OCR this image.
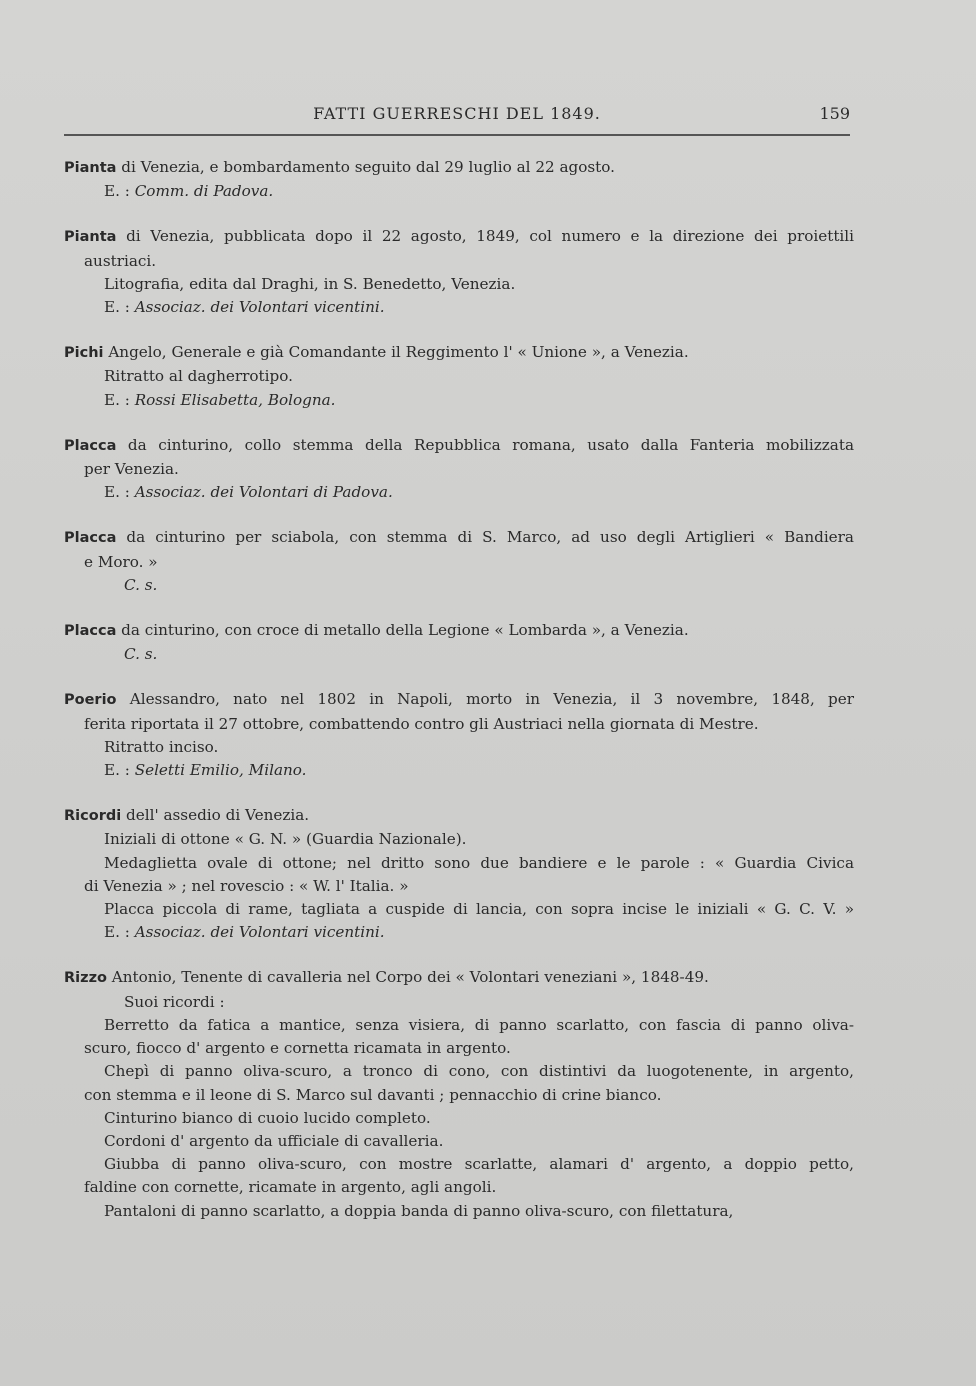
FATTI GUERRESCHI DEL 1849.	159
Pianta di Venezia, e bombardamento seguito dal 29 luglio al 22 agosto.
E. : Comm. di Padova.
Pianta di Venezia, pubblicata dopo il 22 agosto, 1849, col numero e la direzione dei proiettili
austriaci.
Litografia, edita dal Draghi, in S. Benedetto, Venezia.
E. : Associaz. dei Volontari vicentini.
Pichi Angelo, Generale e già Comandante il Reggimento l' « Unione », a Venezia.
Ritratto al dagherrotipo.
E. : Rossi Elisabetta, Bologna.
Placca da cinturino, collo stemma della Repubblica romana, usato dalla Fanteria mobilizzata
per Venezia.
E. : Associaz. dei Volontari di Padova.
Placca da cinturino per sciabola, con stemma di S. Marco, ad uso degli Artiglieri « Bandiera
e Moro. »
C. s.
Placca da cinturino, con croce di metallo della Legione « Lombarda », a Venezia.
C. s.
Poerio Alessandro, nato nel 1802 in Napoli, morto in Venezia, il 3 novembre, 1848, per
ferita riportata il 27 ottobre, combattendo contro gli Austriaci nella giornata di Mestre.
Ritratto inciso.
E. : Seletti Emilio, Milano.
Ricordi dell' assedio di Venezia.
Iniziali di ottone « G. N. » (Guardia Nazionale).
Medaglietta ovale di ottone; nel dritto sono due bandiere e le parole : « Guardia Civica
di Venezia » ; nel rovescio : « W. l' Italia. »
Placca piccola di rame, tagliata a cuspide di lancia, con sopra incise le iniziali « G. C. V. »
E. : Associaz. dei Volontari vicentini.
Rizzo Antonio, Tenente di cavalleria nel Corpo dei « Volontari veneziani », 1848-49.
Suoi ricordi :
Berretto da fatica a mantice, senza visiera, di panno scarlatto, con fascia di panno oliva-
scuro, fiocco d' argento e cornetta ricamata in argento.
Chepì di panno oliva-scuro, a tronco di cono, con distintivi da luogotenente, in argento,
con stemma e il leone di S. Marco sul davanti ; pennacchio di crine bianco.
Cinturino bianco di cuoio lucido completo.
Cordoni d' argento da ufficiale di cavalleria.
Giubba di panno oliva-scuro, con mostre scarlatte, alamari d' argento, a doppio petto,
faldine con cornette, ricamate in argento, agli angoli.
Pantaloni di panno scarlatto, a doppia banda di panno oliva-scuro, con filettatura,
